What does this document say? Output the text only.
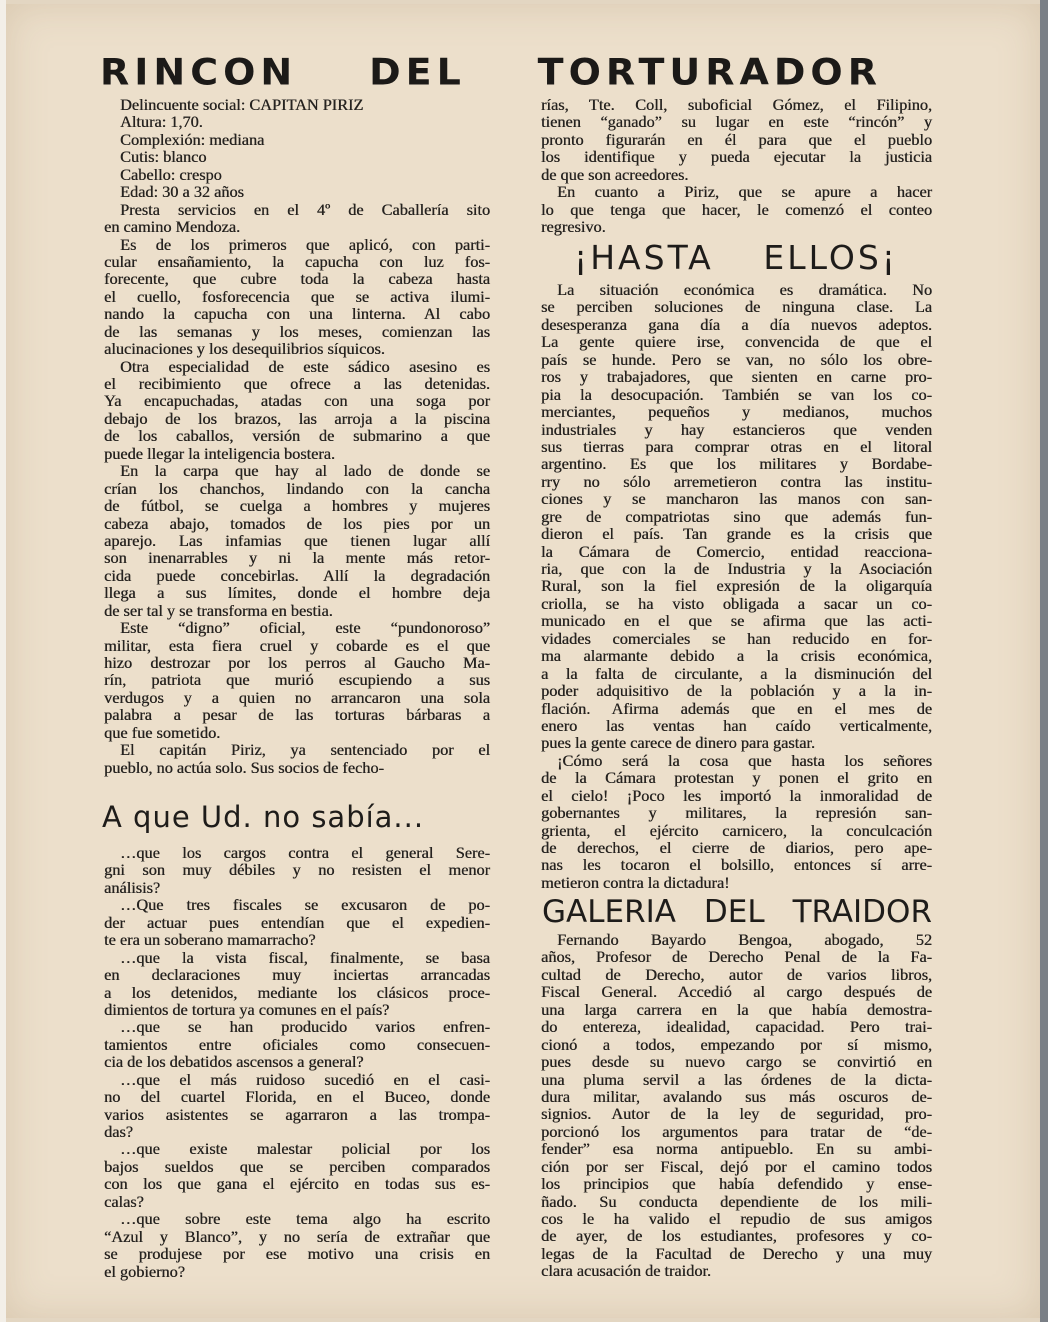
RINCON DEL TORTURADOR
Delincuente social: CAPITAN PIRIZ
Altura: 1,70.
Complexión: mediana
Cutis: blanco
Cabello: crespo
Edad: 30 a 32 años
Presta servicios en el 4º de Caballería sito
en camino Mendoza.
Es de los primeros que aplicó, con parti-
cular ensañamiento, la capucha con luz fos-
forecente, que cubre toda la cabeza hasta
el cuello, fosforecencia que se activa ilumi-
nando la capucha con una linterna. Al cabo
de las semanas y los meses, comienzan las
alucinaciones y los desequilibrios síquicos.
Otra especialidad de este sádico asesino es
el recibimiento que ofrece a las detenidas.
Ya encapuchadas, atadas con una soga por
debajo de los brazos, las arroja a la piscina
de los caballos, versión de submarino a que
puede llegar la inteligencia bostera.
En la carpa que hay al lado de donde se
crían los chanchos, lindando con la cancha
de fútbol, se cuelga a hombres y mujeres
cabeza abajo, tomados de los pies por un
aparejo. Las infamias que tienen lugar allí
son inenarrables y ni la mente más retor-
cida puede concebirlas. Allí la degradación
llega a sus límites, donde el hombre deja
de ser tal y se transforma en bestia.
Este “digno” oficial, este “pundonoroso”
militar, esta fiera cruel y cobarde es el que
hizo destrozar por los perros al Gaucho Ma-
rín, patriota que murió escupiendo a sus
verdugos y a quien no arrancaron una sola
palabra a pesar de las torturas bárbaras a
que fue sometido.
El capitán Piriz, ya sentenciado por el
pueblo, no actúa solo. Sus socios de fecho-
rías, Tte. Coll, suboficial Gómez, el Filipino,
tienen “ganado” su lugar en este “rincón” y
pronto figurarán en él para que el pueblo
los identifique y pueda ejecutar la justicia
de que son acreedores.
En cuanto a Piriz, que se apure a hacer
lo que tenga que hacer, le comenzó el conteo
regresivo.
A que Ud. no sabía...
…que los cargos contra el general Sere-
gni son muy débiles y no resisten el menor
análisis?
…Que tres fiscales se excusaron de po-
der actuar pues entendían que el expedien-
te era un soberano mamarracho?
…que la vista fiscal, finalmente, se basa
en declaraciones muy inciertas arrancadas
a los detenidos, mediante los clásicos proce-
dimientos de tortura ya comunes en el país?
…que se han producido varios enfren-
tamientos entre oficiales como consecuen-
cia de los debatidos ascensos a general?
…que el más ruidoso sucedió en el casi-
no del cuartel Florida, en el Buceo, donde
varios asistentes se agarraron a las trompa-
das?
…que existe malestar policial por los
bajos sueldos que se perciben comparados
con los que gana el ejército en todas sus es-
calas?
…que sobre este tema algo ha escrito
“Azul y Blanco”, y no sería de extrañar que
se produjese por ese motivo una crisis en
el gobierno?
¡HASTA ELLOS¡
La situación económica es dramática. No
se perciben soluciones de ninguna clase. La
desesperanza gana día a día nuevos adeptos.
La gente quiere irse, convencida de que el
país se hunde. Pero se van, no sólo los obre-
ros y trabajadores, que sienten en carne pro-
pia la desocupación. También se van los co-
merciantes, pequeños y medianos, muchos
industriales y hay estancieros que venden
sus tierras para comprar otras en el litoral
argentino. Es que los militares y Bordabe-
rry no sólo arremetieron contra las institu-
ciones y se mancharon las manos con san-
gre de compatriotas sino que además fun-
dieron el país. Tan grande es la crisis que
la Cámara de Comercio, entidad reacciona-
ria, que con la de Industria y la Asociación
Rural, son la fiel expresión de la oligarquía
criolla, se ha visto obligada a sacar un co-
municado en el que se afirma que las acti-
vidades comerciales se han reducido en for-
ma alarmante debido a la crisis económica,
a la falta de circulante, a la disminución del
poder adquisitivo de la población y a la in-
flación. Afirma además que en el mes de
enero las ventas han caído verticalmente,
pues la gente carece de dinero para gastar.
¡Cómo será la cosa que hasta los señores
de la Cámara protestan y ponen el grito en
el cielo! ¡Poco les importó la inmoralidad de
gobernantes y militares, la represión san-
grienta, el ejército carnicero, la conculcación
de derechos, el cierre de diarios, pero ape-
nas les tocaron el bolsillo, entonces sí arre-
metieron contra la dictadura!
GALERIA DEL TRAIDOR
Fernando Bayardo Bengoa, abogado, 52
años, Profesor de Derecho Penal de la Fa-
cultad de Derecho, autor de varios libros,
Fiscal General. Accedió al cargo después de
una larga carrera en la que había demostra-
do entereza, idealidad, capacidad. Pero trai-
cionó a todos, empezando por sí mismo,
pues desde su nuevo cargo se convirtió en
una pluma servil a las órdenes de la dicta-
dura militar, avalando sus más oscuros de-
signios. Autor de la ley de seguridad, pro-
porcionó los argumentos para tratar de “de-
fender” esa norma antipueblo. En su ambi-
ción por ser Fiscal, dejó por el camino todos
los principios que había defendido y ense-
ñado. Su conducta dependiente de los mili-
cos le ha valido el repudio de sus amigos
de ayer, de los estudiantes, profesores y co-
legas de la Facultad de Derecho y una muy
clara acusación de traidor.
